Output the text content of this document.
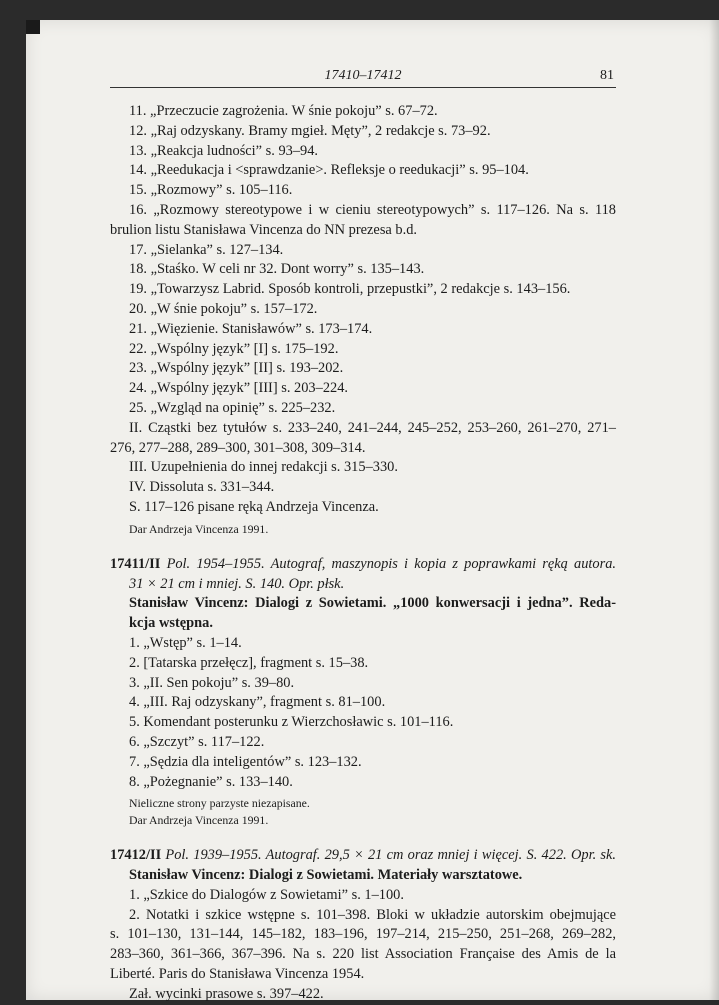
17410–17412	81
11. „Przeczucie zagrożenia. W śnie pokoju” s. 67–72.
12. „Raj odzyskany. Bramy mgieł. Męty”, 2 redakcje s. 73–92.
13. „Reakcja ludności” s. 93–94.
14. „Reedukacja i <sprawdzanie>. Refleksje o reedukacji” s. 95–104.
15. „Rozmowy” s. 105–116.
16. „Rozmowy stereotypowe i w cieniu stereotypowych” s. 117–126. Na s. 118
brulion listu Stanisława Vincenza do NN prezesa b.d.
17. „Sielanka” s. 127–134.
18. „Staśko. W celi nr 32. Dont worry” s. 135–143.
19. „Towarzysz Labrid. Sposób kontroli, przepustki”, 2 redakcje s. 143–156.
20. „W śnie pokoju” s. 157–172.
21. „Więzienie. Stanisławów” s. 173–174.
22. „Wspólny język” [I] s. 175–192.
23. „Wspólny język” [II] s. 193–202.
24. „Wspólny język” [III] s. 203–224.
25. „Wzgląd na opinię” s. 225–232.
II. Cząstki bez tytułów s. 233–240, 241–244, 245–252, 253–260, 261–270, 271–
276, 277–288, 289–300, 301–308, 309–314.
III. Uzupełnienia do innej redakcji s. 315–330.
IV. Dissoluta s. 331–344.
S. 117–126 pisane ręką Andrzeja Vincenza.
Dar Andrzeja Vincenza 1991.
17411/II Pol. 1954–1955. Autograf, maszynopis i kopia z poprawkami ręką autora.
31 × 21 cm i mniej. S. 140. Opr. płsk.
Stanisław Vincenz: Dialogi z Sowietami. „1000 konwersacji i jedna”. Reda-
kcja wstępna.
1. „Wstęp” s. 1–14.
2. [Tatarska przełęcz], fragment s. 15–38.
3. „II. Sen pokoju” s. 39–80.
4. „III. Raj odzyskany”, fragment s. 81–100.
5. Komendant posterunku z Wierzchosławic s. 101–116.
6. „Szczyt” s. 117–122.
7. „Sędzia dla inteligentów” s. 123–132.
8. „Pożegnanie” s. 133–140.
Nieliczne strony parzyste niezapisane.
Dar Andrzeja Vincenza 1991.
17412/II Pol. 1939–1955. Autograf. 29,5 × 21 cm oraz mniej i więcej. S. 422. Opr. sk.
Stanisław Vincenz: Dialogi z Sowietami. Materiały warsztatowe.
1. „Szkice do Dialogów z Sowietami” s. 1–100.
2. Notatki i szkice wstępne s. 101–398. Bloki w układzie autorskim obejmujące
s. 101–130, 131–144, 145–182, 183–196, 197–214, 215–250, 251–268, 269–282,
283–360, 361–366, 367–396. Na s. 220 list Association Française des Amis de la
Liberté. Paris do Stanisława Vincenza 1954.
Zał. wycinki prasowe s. 397–422.
